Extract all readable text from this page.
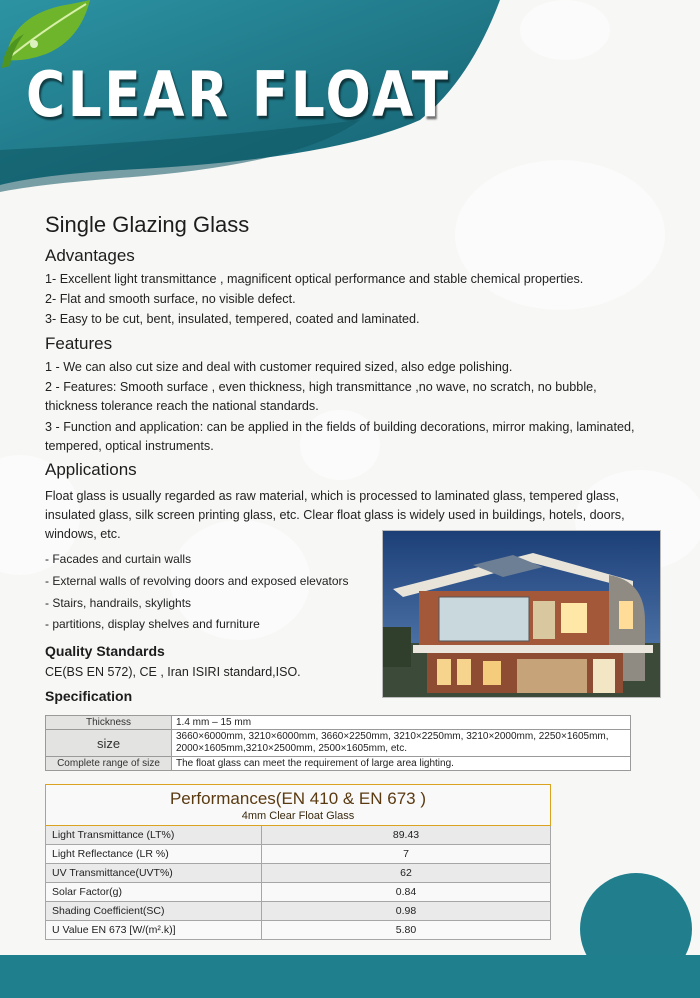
CLEAR FLOAT
Single Glazing Glass
Advantages
1- Excellent light transmittance , magnificent optical performance and stable chemical properties.
2- Flat and smooth surface, no visible defect.
3- Easy to be cut, bent, insulated, tempered, coated and laminated.
Features
1 - We can also cut size and deal with customer required sized, also edge polishing.
2 - Features: Smooth surface , even thickness, high transmittance ,no wave, no scratch, no bubble, thickness tolerance reach the national standards.
3 - Function and application: can be applied in the fields of building decorations, mirror making, laminated, tempered, optical instruments.
Applications
Float glass is usually regarded as raw material, which is processed to laminated glass, tempered glass, insulated glass, silk screen printing glass, etc. Clear float glass is widely used in buildings, hotels, doors, windows, etc.
- Facades and curtain walls
- External walls of revolving doors and exposed elevators
- Stairs, handrails, skylights
- partitions, display shelves and furniture
Quality Standards
CE(BS EN 572), CE , Iran ISIRI standard,ISO.
Specification
Thickness	1.4 mm – 15 mm
size	3660×6000mm, 3210×6000mm, 3660×2250mm, 3210×2250mm, 3210×2000mm, 2250×1605mm, 2000×1605mm,3210×2500mm, 2500×1605mm, etc.
Complete range of size	The float glass can meet the requirement of large area lighting.
Performances(EN 410 & EN 673 )
4mm Clear Float Glass	

Light Transmittance (LT%)	89.43
Light Reflectance (LR %)	7
UV Transmittance(UVT%)	62
Solar Factor(g)	0.84
Shading Coefficient(SC)	0.98
U Value EN 673 [W/(m².k)]	5.80
